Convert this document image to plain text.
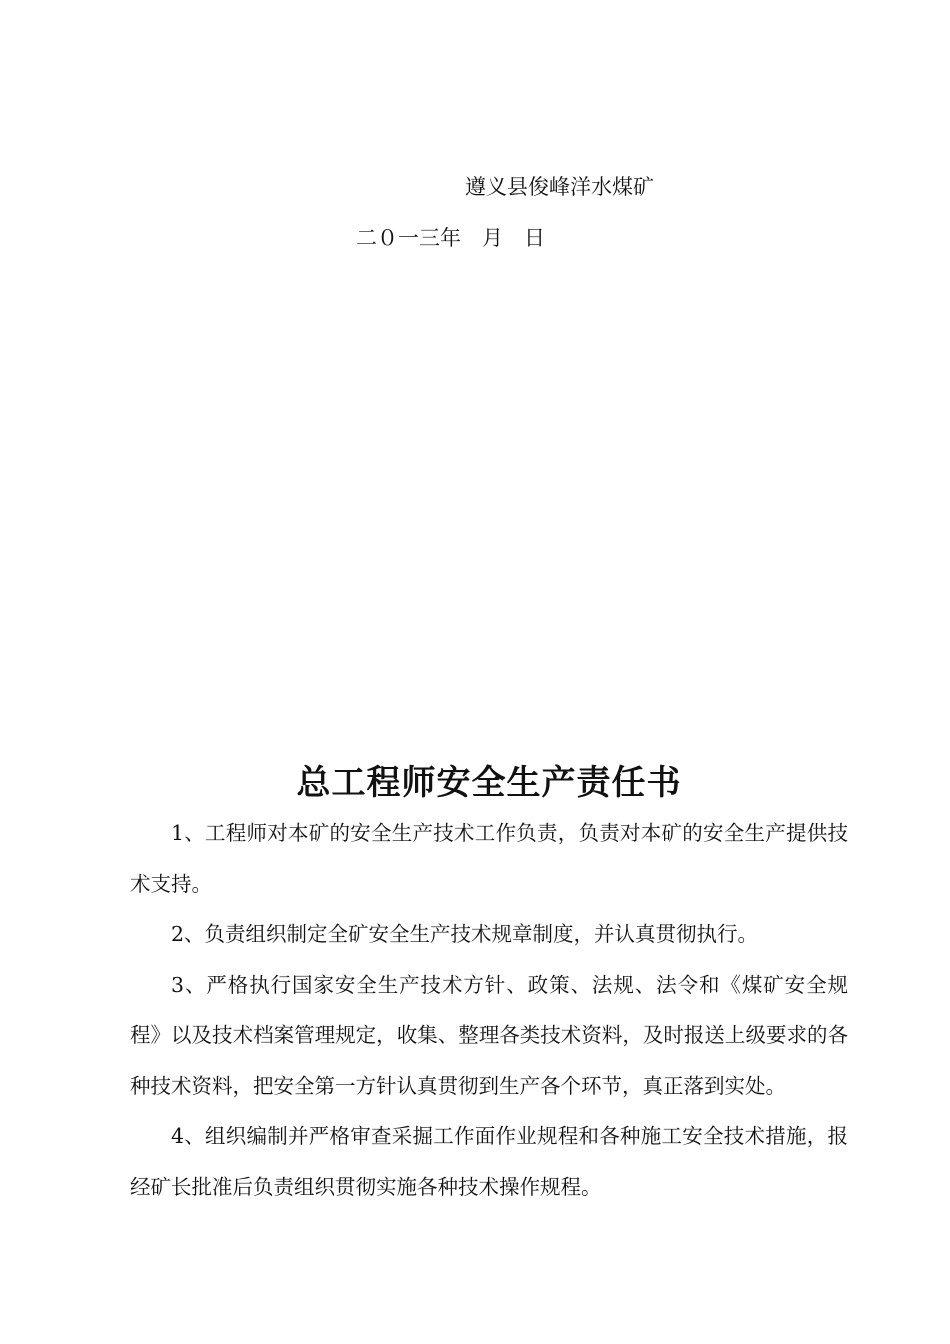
遵义县俊峰洋水煤矿
二０一三年　月　日
总工程师安全生产责任书

1、工程师对本矿的安全生产技术工作负责，负责对本矿的安全生产提供技术支持。

2、负责组织制定全矿安全生产技术规章制度，并认真贯彻执行。

3、严格执行国家安全生产技术方针、政策、法规、法令和《煤矿安全规程》以及技术档案管理规定，收集、整理各类技术资料，及时报送上级要求的各种技术资料，把安全第一方针认真贯彻到生产各个环节，真正落到实处。

4、组织编制并严格审查采掘工作面作业规程和各种施工安全技术措施，报经矿长批准后负责组织贯彻实施各种技术操作规程。
